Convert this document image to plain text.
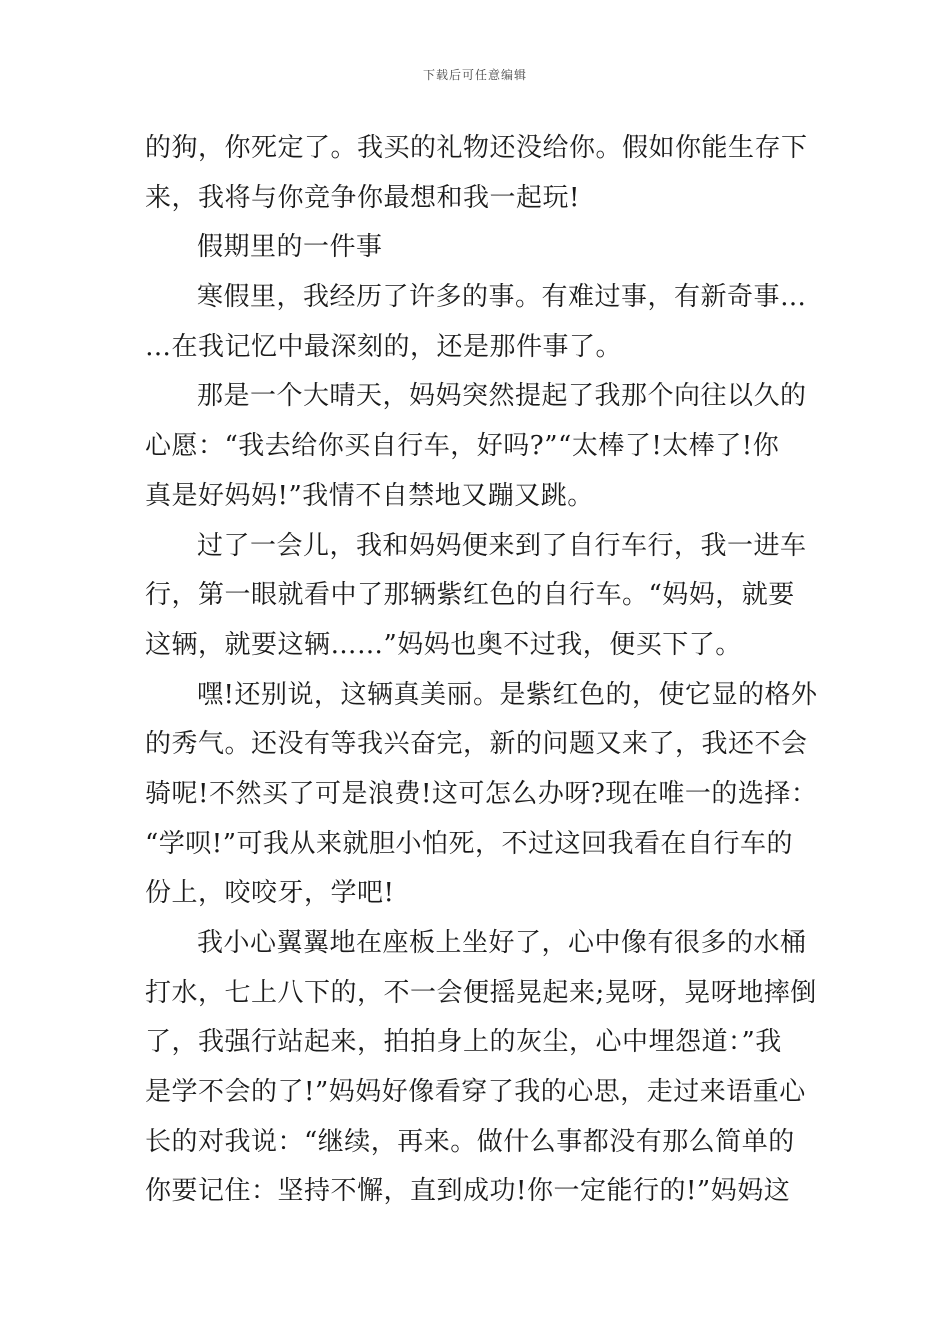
下载后可任意编辑
的狗，你死定了。我买的礼物还没给你。假如你能生存下
来，我将与你竞争你最想和我一起玩!
假期里的一件事
寒假里，我经历了许多的事。有难过事，有新奇事…
…在我记忆中最深刻的，还是那件事了。
那是一个大晴天，妈妈突然提起了我那个向往以久的
心愿：“我去给你买自行车，好吗?”“太棒了!太棒了!你
真是好妈妈!”我情不自禁地又蹦又跳。
过了一会儿，我和妈妈便来到了自行车行，我一进车
行，第一眼就看中了那辆紫红色的自行车。“妈妈，就要
这辆，就要这辆……”妈妈也奥不过我，便买下了。
嘿!还别说，这辆真美丽。是紫红色的，使它显的格外
的秀气。还没有等我兴奋完，新的问题又来了，我还不会
骑呢!不然买了可是浪费!这可怎么办呀?现在唯一的选择：
“学呗!”可我从来就胆小怕死，不过这回我看在自行车的
份上，咬咬牙，学吧!
我小心翼翼地在座板上坐好了，心中像有很多的水桶
打水，七上八下的，不一会便摇晃起来;晃呀，晃呀地摔倒
了，我强行站起来，拍拍身上的灰尘，心中埋怨道：”我
是学不会的了!”妈妈好像看穿了我的心思，走过来语重心
长的对我说：“继续，再来。做什么事都没有那么简单的
你要记住：坚持不懈，直到成功!你一定能行的!”妈妈这
